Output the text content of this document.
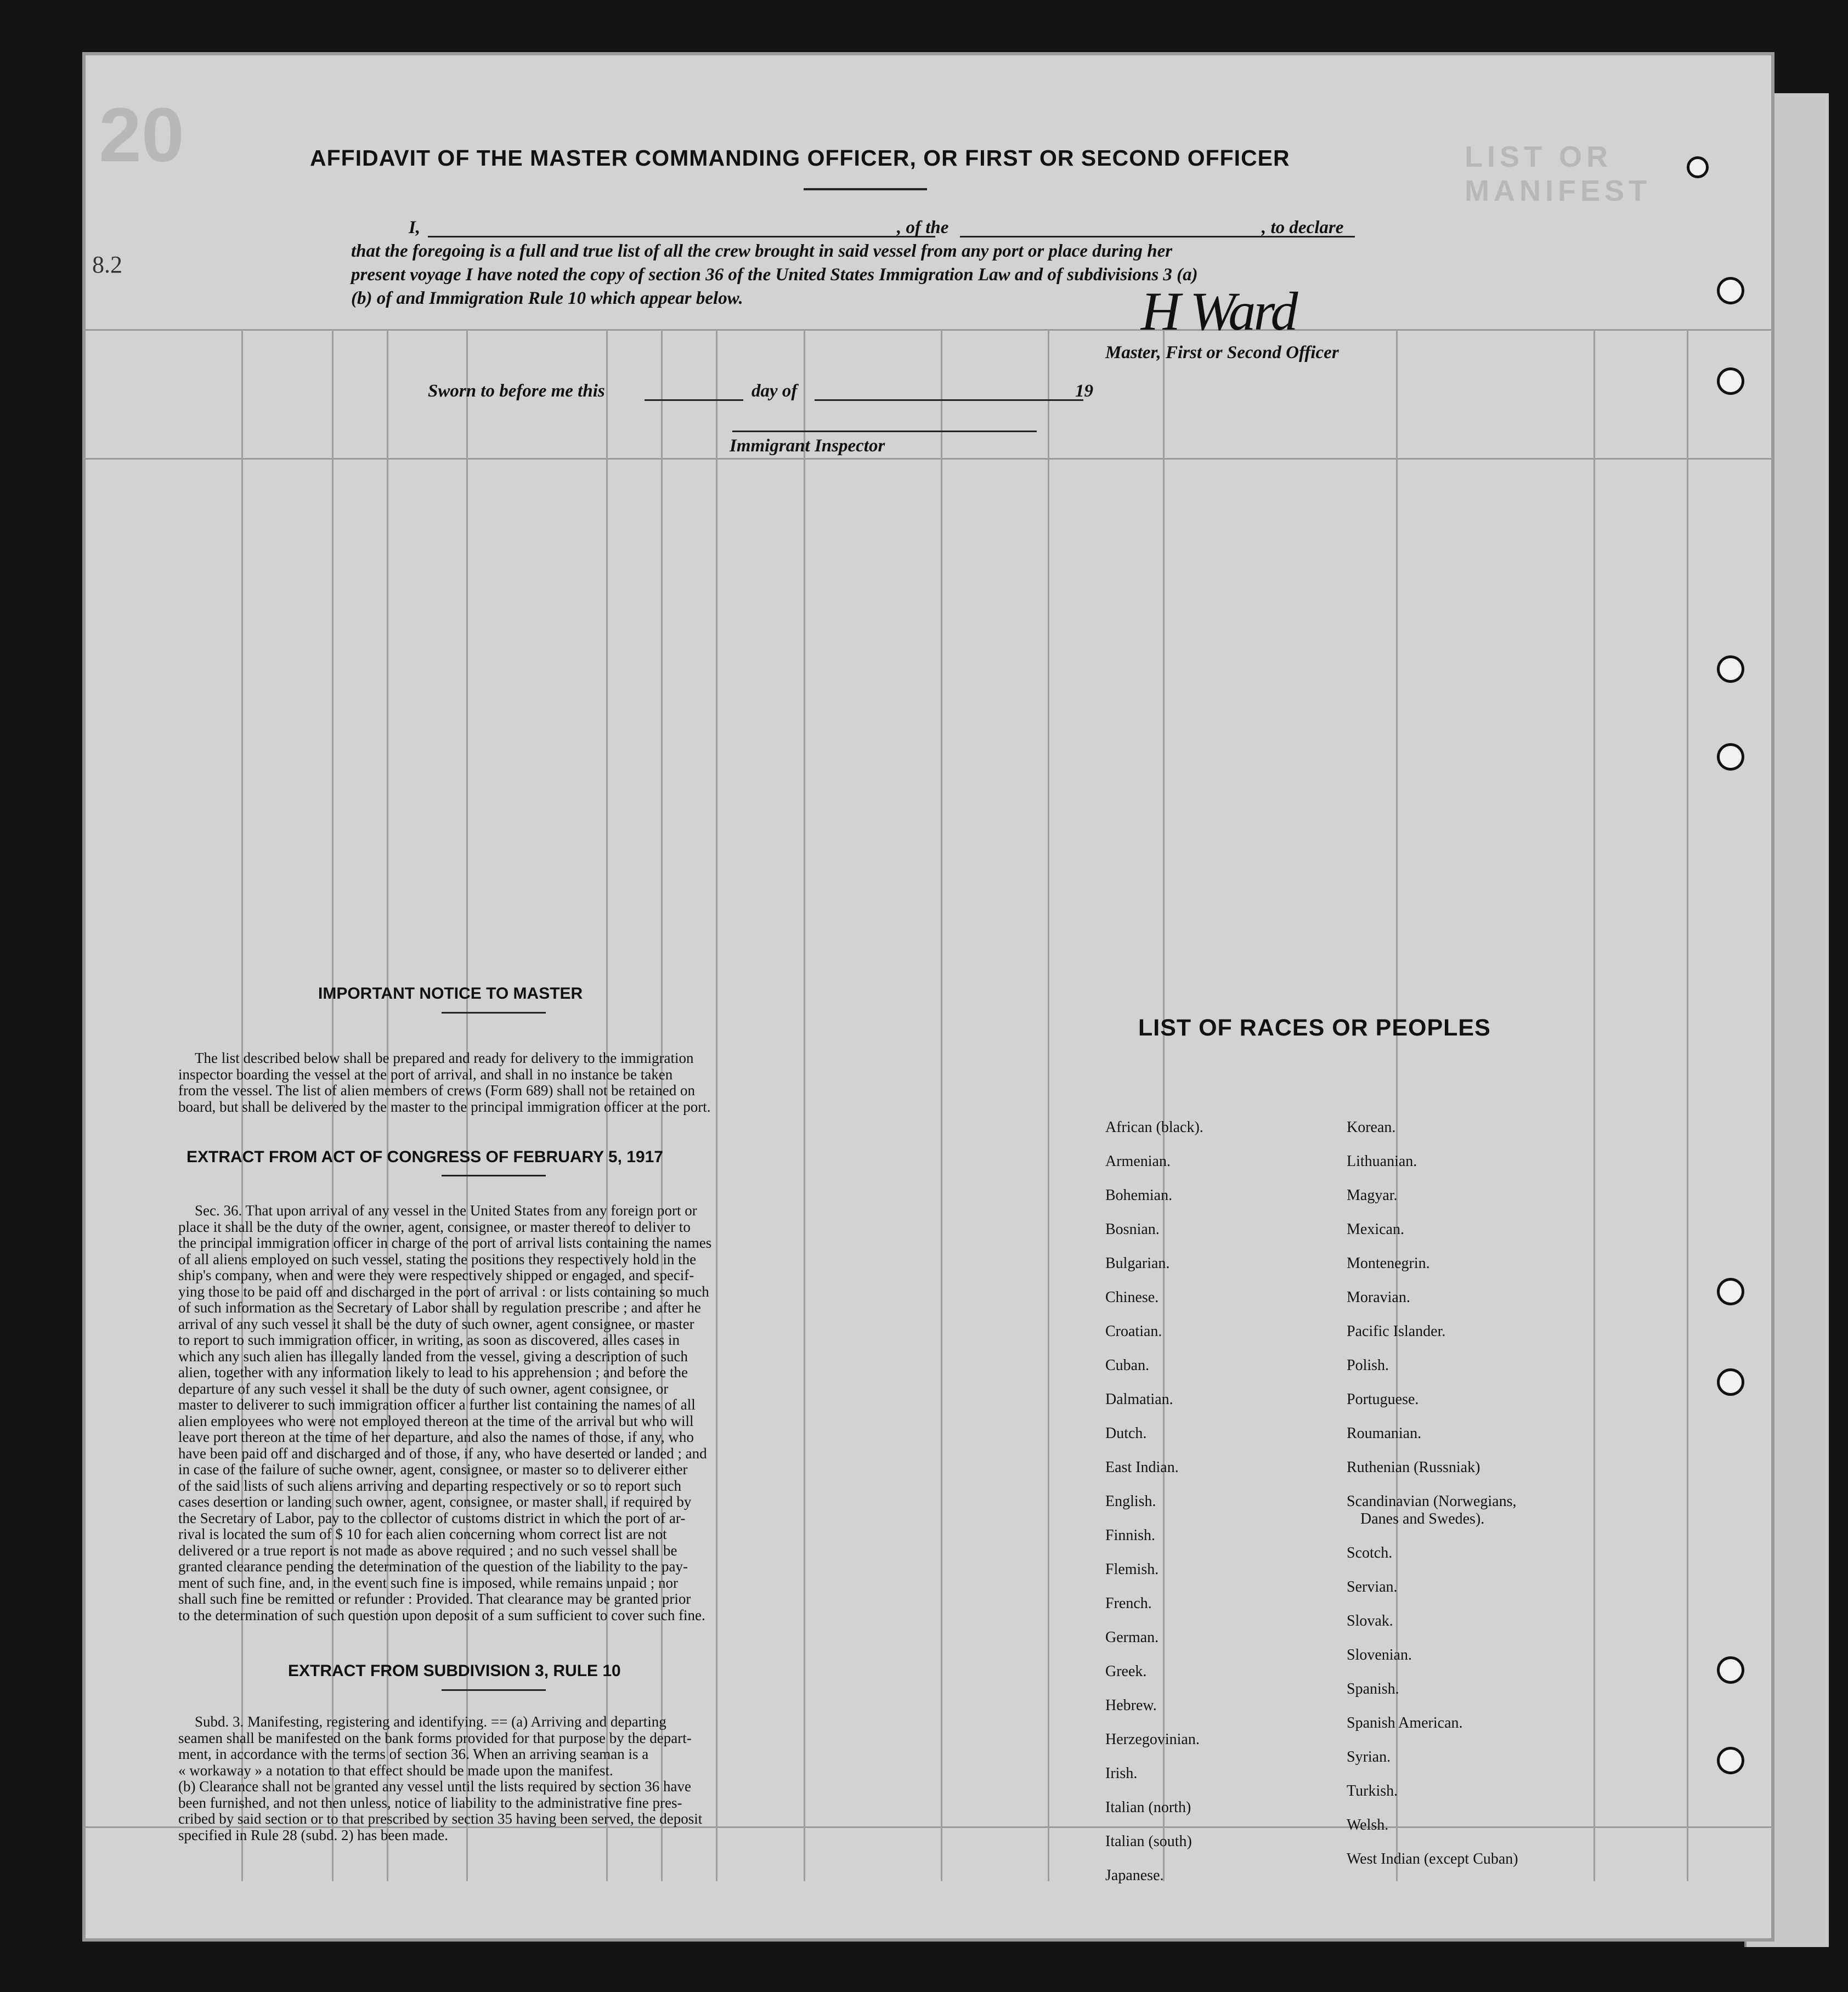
20	LIST OR MANIFEST
8.2
AFFIDAVIT OF THE MASTER COMMANDING OFFICER, OR FIRST OR SECOND OFFICER
I,	, of the	, to declare
that the foregoing is a full and true list of all the crew brought in said vessel from any port or place during her
present voyage I have noted the copy of section 36 of the United States Immigration Law and of subdivisions 3 (a)
(b) of and Immigration Rule 10 which appear below.	H Ward
Master, First or Second Officer
Sworn to before me this	day of	19
Immigrant Inspector
IMPORTANT NOTICE TO MASTER
The list described below shall be prepared and ready for delivery to the immigration
inspector boarding the vessel at the port of arrival, and shall in no instance be taken
from the vessel. The list of alien members of crews (Form 689) shall not be retained on
board, but shall be delivered by the master to the principal immigration officer at the port.
EXTRACT FROM ACT OF CONGRESS OF FEBRUARY 5, 1917
Sec. 36. That upon arrival of any vessel in the United States from any foreign port or
place it shall be the duty of the owner, agent, consignee, or master thereof to deliver to
the principal immigration officer in charge of the port of arrival lists containing the names
of all aliens employed on such vessel, stating the positions they respectively hold in the
ship's company, when and were they were respectively shipped or engaged, and specif-
ying those to be paid off and discharged in the port of arrival : or lists containing so much
of such information as the Secretary of Labor shall by regulation prescribe ; and after he
arrival of any such vessel it shall be the duty of such owner, agent consignee, or master
to report to such immigration officer, in writing, as soon as discovered, alles cases in
which any such alien has illegally landed from the vessel, giving a description of such
alien, together with any information likely to lead to his apprehension ; and before the
departure of any such vessel it shall be the duty of such owner, agent consignee, or
master to deliverer to such immigration officer a further list containing the names of all
alien employees who were not employed thereon at the time of the arrival but who will
leave port thereon at the time of her departure, and also the names of those, if any, who
have been paid off and discharged and of those, if any, who have deserted or landed ; and
in case of the failure of suche owner, agent, consignee, or master so to deliverer either
of the said lists of such aliens arriving and departing respectively or so to report such
cases desertion or landing such owner, agent, consignee, or master shall, if required by
the Secretary of Labor, pay to the collector of customs district in which the port of ar-
rival is located the sum of $ 10 for each alien concerning whom correct list are not
delivered or a true report is not made as above required ; and no such vessel shall be
granted clearance pending the determination of the question of the liability to the pay-
ment of such fine, and, in the event such fine is imposed, while remains unpaid ; nor
shall such fine be remitted or refunder : Provided. That clearance may be granted prior
to the determination of such question upon deposit of a sum sufficient to cover such fine.
EXTRACT FROM SUBDIVISION 3, RULE 10
Subd. 3. Manifesting, registering and identifying. == (a) Arriving and departing
seamen shall be manifested on the bank forms provided for that purpose by the depart-
ment, in accordance with the terms of section 36. When an arriving seaman is a
« workaway » a notation to that effect should be made upon the manifest.
(b) Clearance shall not be granted any vessel until the lists required by section 36 have
been furnished, and not then unless, notice of liability to the administrative fine pres-
cribed by said section or to that prescribed by section 35 having been served, the deposit
specified in Rule 28 (subd. 2) has been made.
LIST OF RACES OR PEOPLES
African (black).
Armenian.
Bohemian.
Bosnian.
Bulgarian.
Chinese.
Croatian.
Cuban.
Dalmatian.
Dutch.
East Indian.
English.
Finnish.
Flemish.
French.
German.
Greek.
Hebrew.
Herzegovinian.
Irish.
Italian (north)
Italian (south)
Japanese.
Korean.
Lithuanian.
Magyar.
Mexican.
Montenegrin.
Moravian.
Pacific Islander.
Polish.
Portuguese.
Roumanian.
Ruthenian (Russniak)
Scandinavian (Norwegians,
Danes and Swedes).
Scotch.
Servian.
Slovak.
Slovenian.
Spanish.
Spanish American.
Syrian.
Turkish.
Welsh.
West Indian (except Cuban)
